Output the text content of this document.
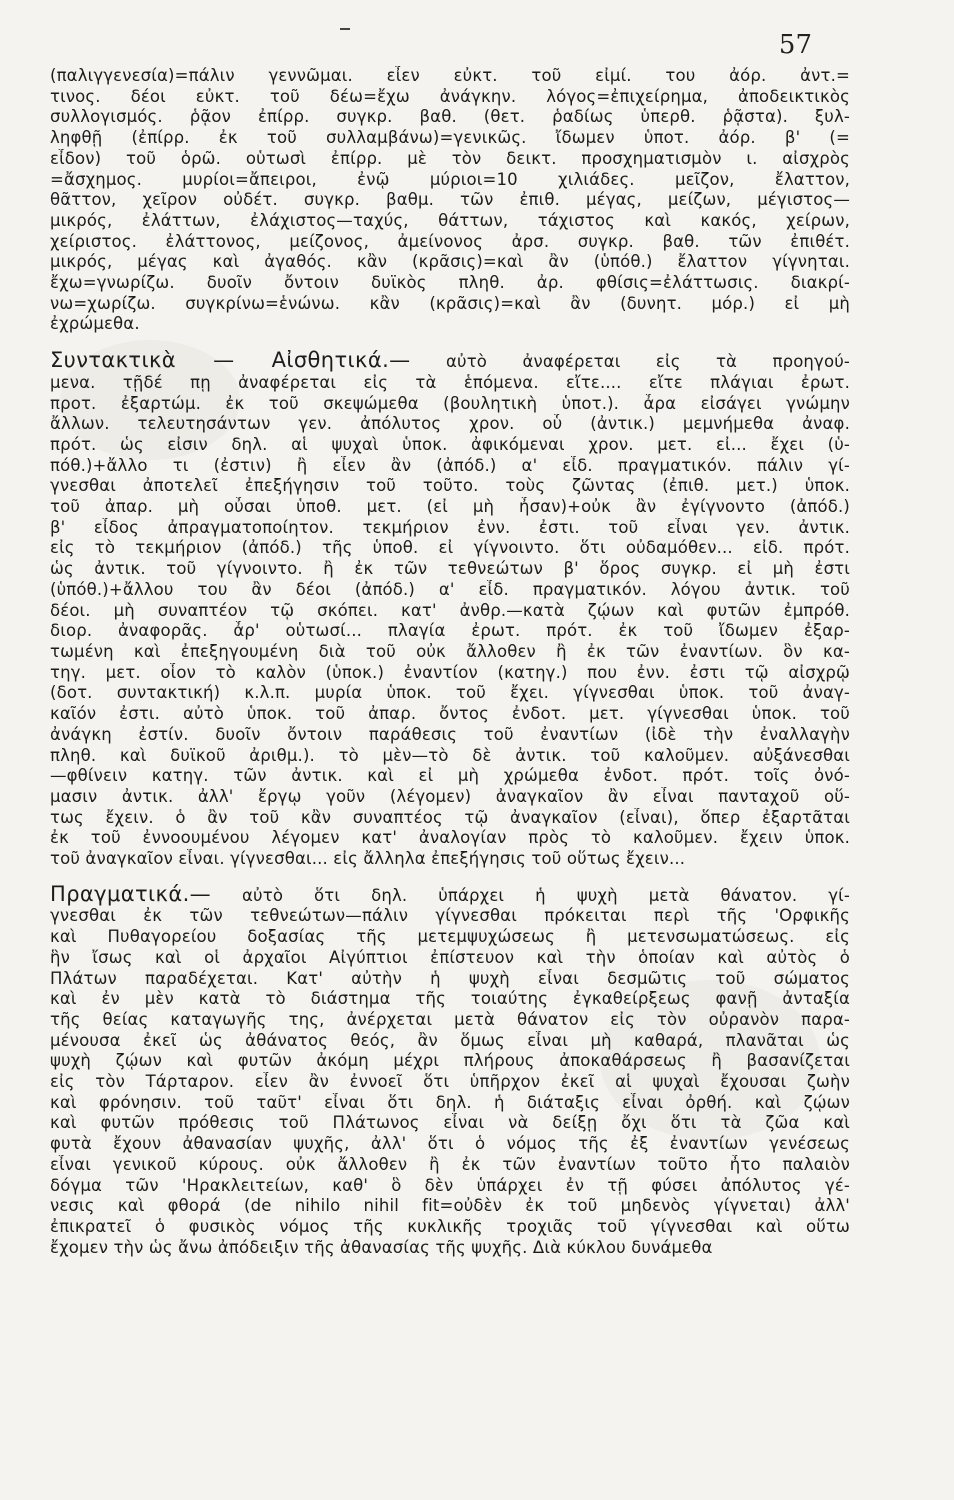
57
(παλιγγενεσία)=πάλιν γεννῶμαι. εἶεν εὐκτ. τοῦ εἰμί. του ἀόρ. ἀντ.=
τινος. δέοι εὐκτ. τοῦ δέω=ἔχω ἀνάγκην. λόγος=ἐπιχείρημα, ἀποδεικτικὸς
συλλογισμός. ῥᾷον ἐπίρρ. συγκρ. βαθ. (θετ. ῥαδίως ὑπερθ. ῥᾷστα). ξυλ-
ληφθῇ (ἐπίρρ. ἐκ τοῦ συλλαμβάνω)=γενικῶς. ἴδωμεν ὑποτ. ἀόρ. β' (=
εἶδον) τοῦ ὁρῶ. οὑτωσὶ ἐπίρρ. μὲ τὸν δεικτ. προσχηματισμὸν ι. αἰσχρὸς
=ἄσχημος. μυρίοι=ἄπειροι, ἐνῷ μύριοι=10 χιλιάδες. μεῖζον, ἔλαττον,
θᾶττον, χεῖρον οὐδέτ. συγκρ. βαθμ. τῶν ἐπιθ. μέγας, μείζων, μέγιστος—
μικρός, ἐλάττων, ἐλάχιστος—ταχύς, θάττων, τάχιστος καὶ κακός, χείρων,
χείριστος. ἐλάττονος, μείζονος, ἀμείνονος ἀρσ. συγκρ. βαθ. τῶν ἐπιθέτ.
μικρός, μέγας καὶ ἀγαθός. κἂν (κρᾶσις)=καὶ ἂν (ὑπόθ.) ἔλαττον γίγνηται.
ἔχω=γνωρίζω. δυοῖν ὄντοιν δυϊκὸς πληθ. ἀρ. φθίσις=ἐλάττωσις. διακρί-
νω=χωρίζω. συγκρίνω=ἑνώνω. κἂν (κρᾶσις)=καὶ ἂν (δυνητ. μόρ.) εἰ μὴ
ἐχρώμεθα.
Συντακτικὰ — Αἰσθητικά.— αὐτὸ ἀναφέρεται εἰς τὰ προηγού-
μενα. τῇδέ πῃ ἀναφέρεται εἰς τὰ ἑπόμενα. εἴτε.... εἴτε πλάγιαι ἐρωτ.
προτ. ἐξαρτώμ. ἐκ τοῦ σκεψώμεθα (βουλητικὴ ὑποτ.). ἆρα εἰσάγει γνώμην
ἄλλων. τελευτησάντων γεν. ἀπόλυτος χρον. οὗ (ἀντικ.) μεμνήμεθα ἀναφ.
πρότ. ὡς εἰσιν δηλ. αἱ ψυχαὶ ὑποκ. ἀφικόμεναι χρον. μετ. εἰ... ἔχει (ὑ-
πόθ.)+ἄλλο τι (ἐστιν) ἢ εἶεν ἂν (ἀπόδ.) α' εἶδ. πραγματικόν. πάλιν γί-
γνεσθαι ἀποτελεῖ ἐπεξήγησιν τοῦ τοῦτο. τοὺς ζῶντας (ἐπιθ. μετ.) ὑποκ.
τοῦ ἀπαρ. μὴ οὖσαι ὑποθ. μετ. (εἰ μὴ ἦσαν)+οὐκ ἂν ἐγίγνοντο (ἀπόδ.)
β' εἶδος ἀπραγματοποίητον. τεκμήριον ἐνν. ἐστι. τοῦ εἶναι γεν. ἀντικ.
εἰς τὸ τεκμήριον (ἀπόδ.) τῆς ὑποθ. εἰ γίγνοιντο. ὅτι οὐδαμόθεν... εἰδ. πρότ.
ὡς ἀντικ. τοῦ γίγνοιντο. ἢ ἐκ τῶν τεθνεώτων β' ὅρος συγκρ. εἰ μὴ ἐστι
(ὑπόθ.)+ἄλλου του ἂν δέοι (ἀπόδ.) α' εἶδ. πραγματικόν. λόγου ἀντικ. τοῦ
δέοι. μὴ συναπτέον τῷ σκόπει. κατ' ἀνθρ.—κατὰ ζῴων καὶ φυτῶν ἐμπρόθ.
διορ. ἀναφορᾶς. ἆρ' οὑτωσί... πλαγία ἐρωτ. πρότ. ἐκ τοῦ ἴδωμεν ἐξαρ-
τωμένη καὶ ἐπεξηγουμένη διὰ τοῦ οὐκ ἄλλοθεν ἢ ἐκ τῶν ἐναντίων. ὃν κα-
τηγ. μετ. οἷον τὸ καλὸν (ὑποκ.) ἐναντίον (κατηγ.) που ἐνν. ἐστι τῷ αἰσχρῷ
(δοτ. συντακτική) κ.λ.π. μυρία ὑποκ. τοῦ ἔχει. γίγνεσθαι ὑποκ. τοῦ ἀναγ-
καῖόν ἐστι. αὐτὸ ὑποκ. τοῦ ἀπαρ. ὄντος ἐνδοτ. μετ. γίγνεσθαι ὑποκ. τοῦ
ἀνάγκη ἐστίν. δυοῖν ὄντοιν παράθεσις τοῦ ἐναντίων (ἰδὲ τὴν ἐναλλαγὴν
πληθ. καὶ δυϊκοῦ ἀριθμ.). τὸ μὲν—τὸ δὲ ἀντικ. τοῦ καλοῦμεν. αὐξάνεσθαι
—φθίνειν κατηγ. τῶν ἀντικ. καὶ εἰ μὴ χρώμεθα ἐνδοτ. πρότ. τοῖς ὀνό-
μασιν ἀντικ. ἀλλ' ἔργῳ γοῦν (λέγομεν) ἀναγκαῖον ἂν εἶναι πανταχοῦ οὕ-
τως ἔχειν. ὁ ἂν τοῦ κἂν συναπτέος τῷ ἀναγκαῖον (εἶναι), ὅπερ ἐξαρτᾶται
ἐκ τοῦ ἐννοουμένου λέγομεν κατ' ἀναλογίαν πρὸς τὸ καλοῦμεν. ἔχειν ὑποκ.
τοῦ ἀναγκαῖον εἶναι. γίγνεσθαι... εἰς ἄλληλα ἐπεξήγησις τοῦ οὕτως ἔχειν...
Πραγματικά.— αὐτὸ ὅτι δηλ. ὑπάρχει ἡ ψυχὴ μετὰ θάνατον. γί-
γνεσθαι ἐκ τῶν τεθνεώτων—πάλιν γίγνεσθαι πρόκειται περὶ τῆς 'Ορφικῆς
καὶ Πυθαγορείου δοξασίας τῆς μετεμψυχώσεως ἢ μετενσωματώσεως. εἰς
ἣν ἴσως καὶ οἱ ἀρχαῖοι Αἰγύπτιοι ἐπίστευον καὶ τὴν ὁποίαν καὶ αὐτὸς ὁ
Πλάτων παραδέχεται. Κατ' αὐτὴν ἡ ψυχὴ εἶναι δεσμῶτις τοῦ σώματος
καὶ ἐν μὲν κατὰ τὸ διάστημα τῆς τοιαύτης ἐγκαθείρξεως φανῇ ἀνταξία
τῆς θείας καταγωγῆς της, ἀνέρχεται μετὰ θάνατον εἰς τὸν οὐρανὸν παρα-
μένουσα ἐκεῖ ὡς ἀθάνατος θεός, ἂν ὅμως εἶναι μὴ καθαρά, πλανᾶται ὡς
ψυχὴ ζῴων καὶ φυτῶν ἀκόμη μέχρι πλήρους ἀποκαθάρσεως ἢ βασανίζεται
εἰς τὸν Τάρταρον. εἶεν ἂν ἐννοεῖ ὅτι ὑπῆρχον ἐκεῖ αἱ ψυχαὶ ἔχουσαι ζωὴν
καὶ φρόνησιν. τοῦ ταῦτ' εἶναι ὅτι δηλ. ἡ διάταξις εἶναι ὀρθή. καὶ ζῴων
καὶ φυτῶν πρόθεσις τοῦ Πλάτωνος εἶναι νὰ δείξῃ ὄχι ὅτι τὰ ζῶα καὶ
φυτὰ ἔχουν ἀθανασίαν ψυχῆς, ἀλλ' ὅτι ὁ νόμος τῆς ἐξ ἐναντίων γενέσεως
εἶναι γενικοῦ κύρους. οὐκ ἄλλοθεν ἢ ἐκ τῶν ἐναντίων τοῦτο ἦτο παλαιὸν
δόγμα τῶν 'Ηρακλειτείων, καθ' ὃ δὲν ὑπάρχει ἐν τῇ φύσει ἀπόλυτος γέ-
νεσις καὶ φθορά (de nihilo nihil fit=οὐδὲν ἐκ τοῦ μηδενὸς γίγνεται) ἀλλ'
ἐπικρατεῖ ὁ φυσικὸς νόμος τῆς κυκλικῆς τροχιᾶς τοῦ γίγνεσθαι καὶ οὕτω
ἔχομεν τὴν ὡς ἄνω ἀπόδειξιν τῆς ἀθανασίας τῆς ψυχῆς. Διὰ κύκλου δυνάμεθα
